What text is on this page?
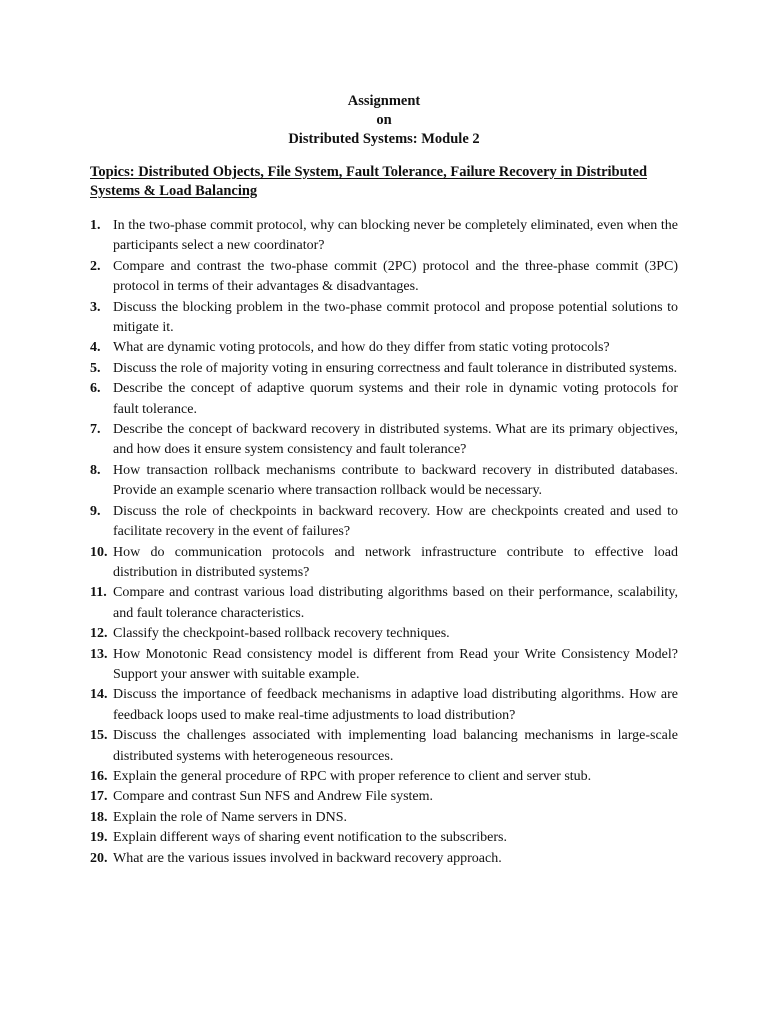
Assignment
on
Distributed Systems: Module 2
Topics: Distributed Objects, File System, Fault Tolerance, Failure Recovery in Distributed Systems & Load Balancing
1. In the two-phase commit protocol, why can blocking never be completely eliminated, even when the participants select a new coordinator?
2. Compare and contrast the two-phase commit (2PC) protocol and the three-phase commit (3PC) protocol in terms of their advantages & disadvantages.
3. Discuss the blocking problem in the two-phase commit protocol and propose potential solutions to mitigate it.
4. What are dynamic voting protocols, and how do they differ from static voting protocols?
5. Discuss the role of majority voting in ensuring correctness and fault tolerance in distributed systems.
6. Describe the concept of adaptive quorum systems and their role in dynamic voting protocols for fault tolerance.
7. Describe the concept of backward recovery in distributed systems. What are its primary objectives, and how does it ensure system consistency and fault tolerance?
8. How transaction rollback mechanisms contribute to backward recovery in distributed databases. Provide an example scenario where transaction rollback would be necessary.
9. Discuss the role of checkpoints in backward recovery. How are checkpoints created and used to facilitate recovery in the event of failures?
10. How do communication protocols and network infrastructure contribute to effective load distribution in distributed systems?
11. Compare and contrast various load distributing algorithms based on their performance, scalability, and fault tolerance characteristics.
12. Classify the checkpoint-based rollback recovery techniques.
13. How Monotonic Read consistency model is different from Read your Write Consistency Model? Support your answer with suitable example.
14. Discuss the importance of feedback mechanisms in adaptive load distributing algorithms. How are feedback loops used to make real-time adjustments to load distribution?
15. Discuss the challenges associated with implementing load balancing mechanisms in large-scale distributed systems with heterogeneous resources.
16. Explain the general procedure of RPC with proper reference to client and server stub.
17. Compare and contrast Sun NFS and Andrew File system.
18. Explain the role of Name servers in DNS.
19. Explain different ways of sharing event notification to the subscribers.
20. What are the various issues involved in backward recovery approach.
